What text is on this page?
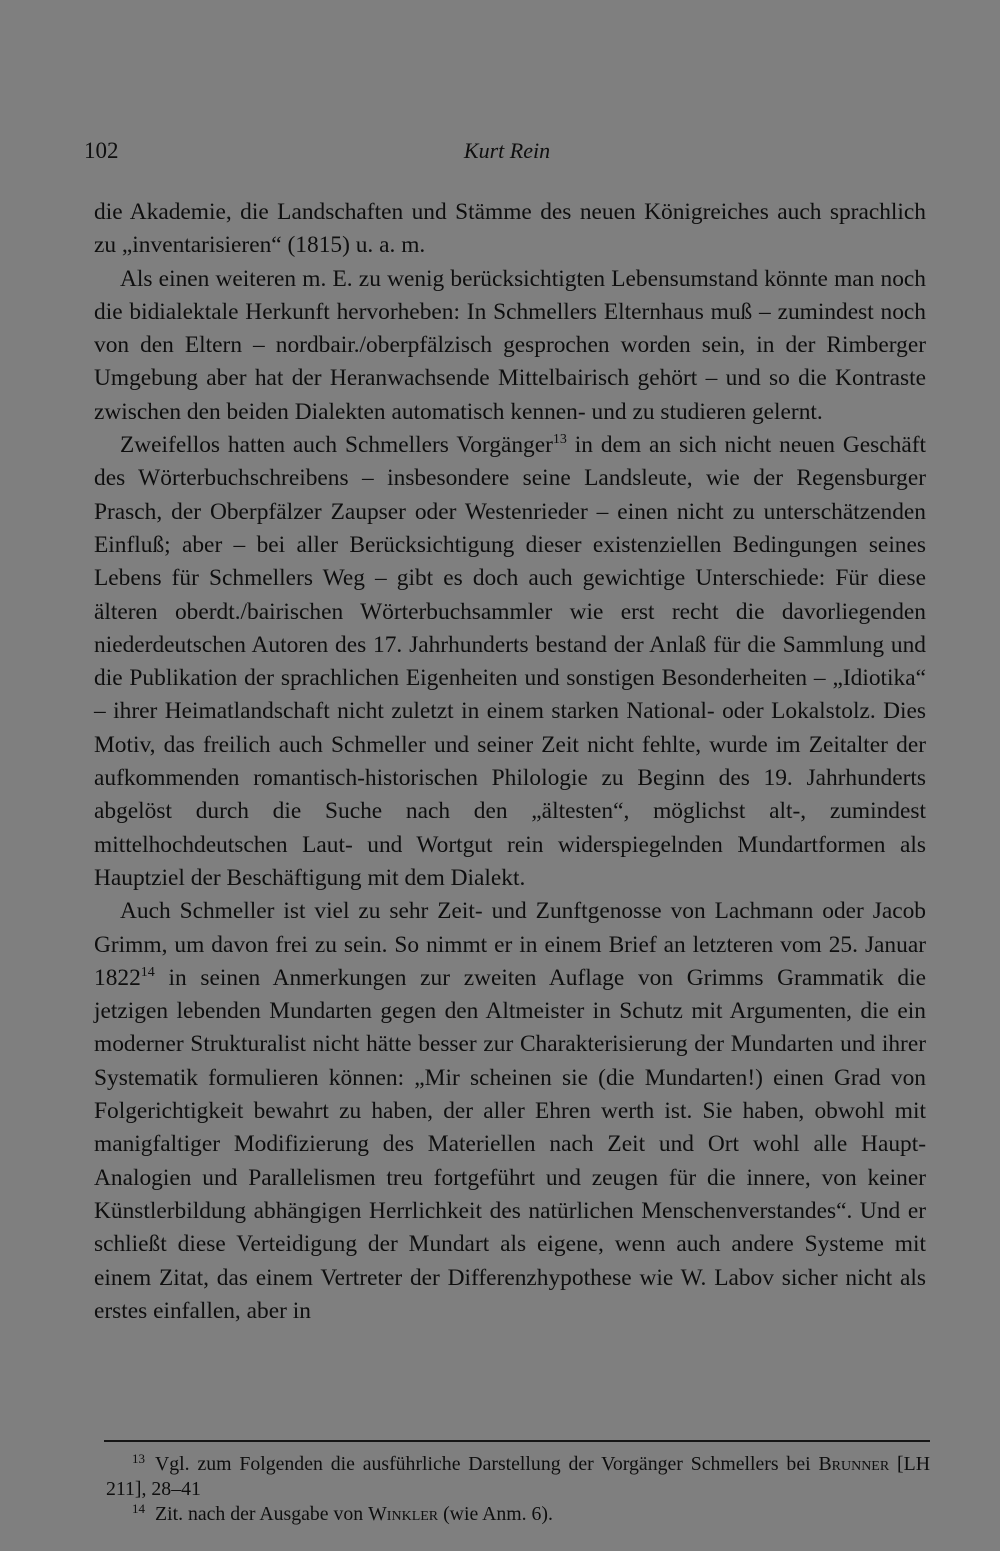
102	Kurt Rein

die Akademie, die Landschaften und Stämme des neuen Königreiches auch sprachlich zu „inventarisieren“ (1815) u. a. m.

Als einen weiteren m. E. zu wenig berücksichtigten Lebensumstand könnte man noch die bidialektale Herkunft hervorheben: In Schmellers Elternhaus muß – zumindest noch von den Eltern – nordbair./oberpfälzisch gesprochen worden sein, in der Rimberger Umgebung aber hat der Heranwachsende Mittelbairisch gehört – und so die Kontraste zwischen den beiden Dialekten automatisch kennen- und zu studieren gelernt.

Zweifellos hatten auch Schmellers Vorgänger$^{13}$ in dem an sich nicht neuen Geschäft des Wörterbuchschreibens – insbesondere seine Landsleute, wie der Regensburger Prasch, der Oberpfälzer Zaupser oder Westenrieder – einen nicht zu unterschätzenden Einfluß; aber – bei aller Berücksichtigung dieser existenziellen Bedingungen seines Lebens für Schmellers Weg – gibt es doch auch gewichtige Unterschiede: Für diese älteren oberdt./bairischen Wörterbuchsammler wie erst recht die davorliegenden niederdeutschen Autoren des 17. Jahrhunderts bestand der Anlaß für die Sammlung und die Publikation der sprachlichen Eigenheiten und sonstigen Besonderheiten – „Idiotika“ – ihrer Heimatlandschaft nicht zuletzt in einem starken National- oder Lokalstolz. Dies Motiv, das freilich auch Schmeller und seiner Zeit nicht fehlte, wurde im Zeitalter der aufkommenden romantisch-historischen Philologie zu Beginn des 19. Jahrhunderts abgelöst durch die Suche nach den „ältesten“, möglichst alt-, zumindest mittelhochdeutschen Laut- und Wortgut rein widerspiegelnden Mundartformen als Hauptziel der Beschäftigung mit dem Dialekt.

Auch Schmeller ist viel zu sehr Zeit- und Zunftgenosse von Lachmann oder Jacob Grimm, um davon frei zu sein. So nimmt er in einem Brief an letzteren vom 25. Januar 1822$^{14}$ in seinen Anmerkungen zur zweiten Auflage von Grimms Grammatik die jetzigen lebenden Mundarten gegen den Altmeister in Schutz mit Argumenten, die ein moderner Strukturalist nicht hätte besser zur Charakterisierung der Mundarten und ihrer Systematik formulieren können: „Mir scheinen sie (die Mundarten!) einen Grad von Folgerichtigkeit bewahrt zu haben, der aller Ehren werth ist. Sie haben, obwohl mit manigfaltiger Modifizierung des Materiellen nach Zeit und Ort wohl alle Haupt-Analogien und Parallelismen treu fortgeführt und zeugen für die innere, von keiner Künstlerbildung abhängigen Herrlichkeit des natürlichen Menschenverstandes“. Und er schließt diese Verteidigung der Mundart als eigene, wenn auch andere Systeme mit einem Zitat, das einem Vertreter der Differenzhypothese wie W. Labov sicher nicht als erstes einfallen, aber in

$^{13}$ Vgl. zum Folgenden die ausführliche Darstellung der Vorgänger Schmellers bei Brunner [LH 211], 28–41

$^{14}$ Zit. nach der Ausgabe von Winkler (wie Anm. 6).
